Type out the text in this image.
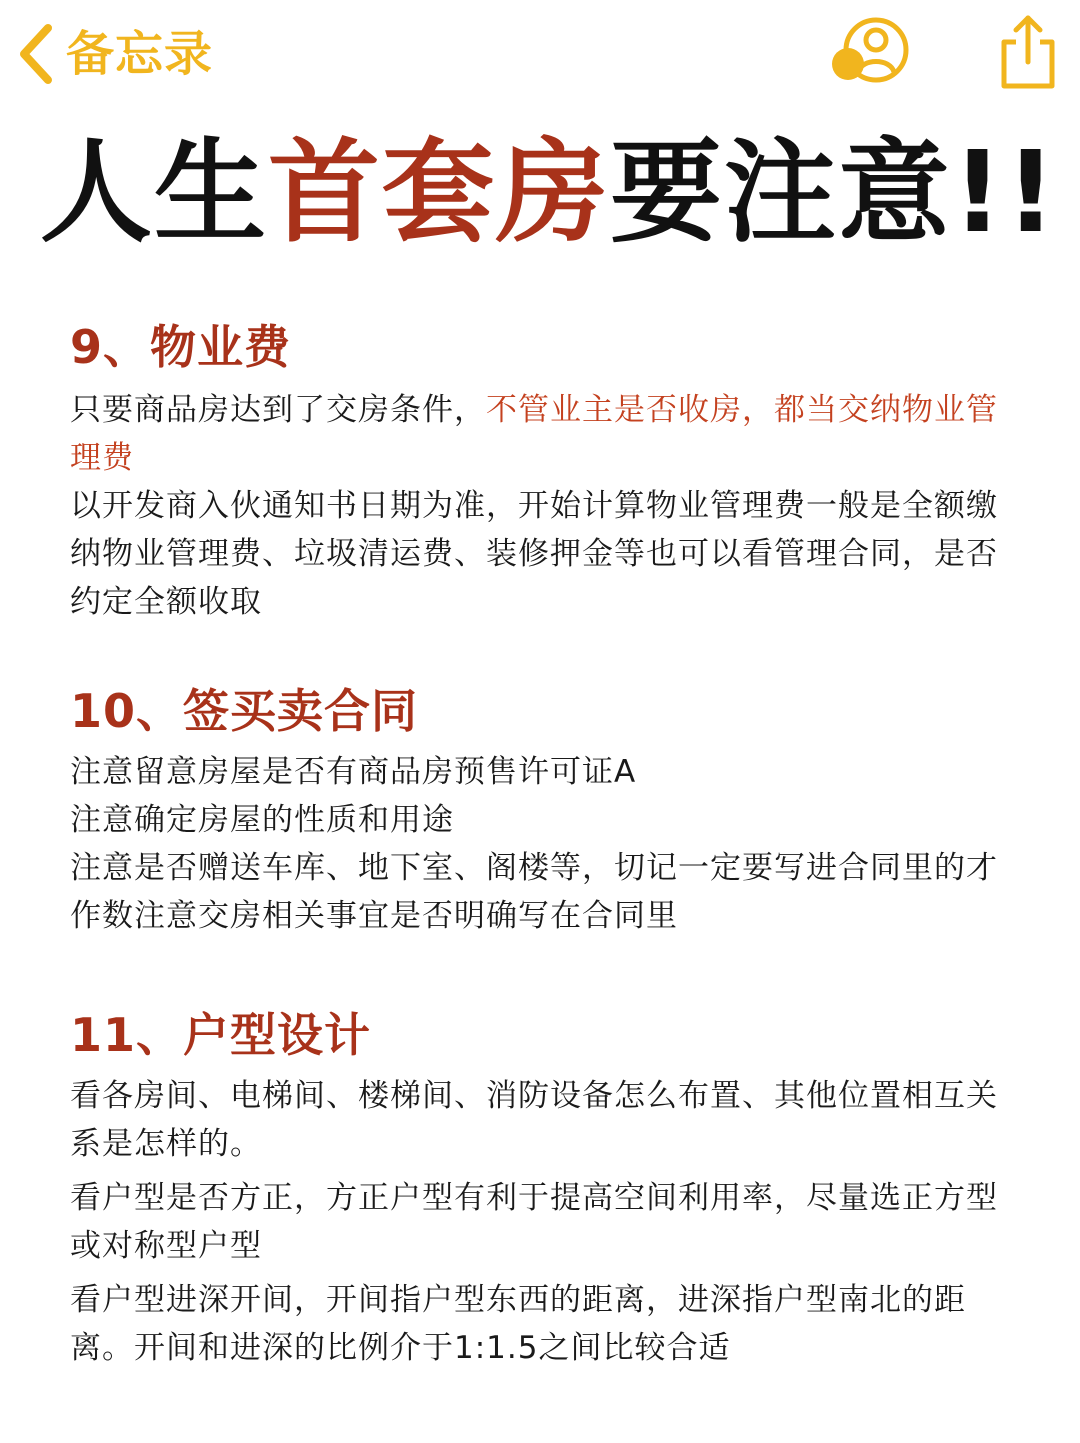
备忘录
人生首套房要注意!!
9、物业费

只要商品房达到了交房条件，不管业主是否收房，都当交纳物业管理费

以开发商入伙通知书日期为准，开始计算物业管理费一般是全额缴纳物业管理费、垃圾清运费、装修押金等也可以看管理合同，是否约定全额收取

10、签买卖合同

注意留意房屋是否有商品房预售许可证A

注意确定房屋的性质和用途

注意是否赠送车库、地下室、阁楼等，切记一定要写进合同里的才作数注意交房相关事宜是否明确写在合同里

11、户型设计

看各房间、电梯间、楼梯间、消防设备怎么布置、其他位置相互关系是怎样的。

看户型是否方正，方正户型有利于提高空间利用率，尽量选正方型或对称型户型

看户型进深开间，开间指户型东西的距离，进深指户型南北的距离。开间和进深的比例介于1:1.5之间比较合适
